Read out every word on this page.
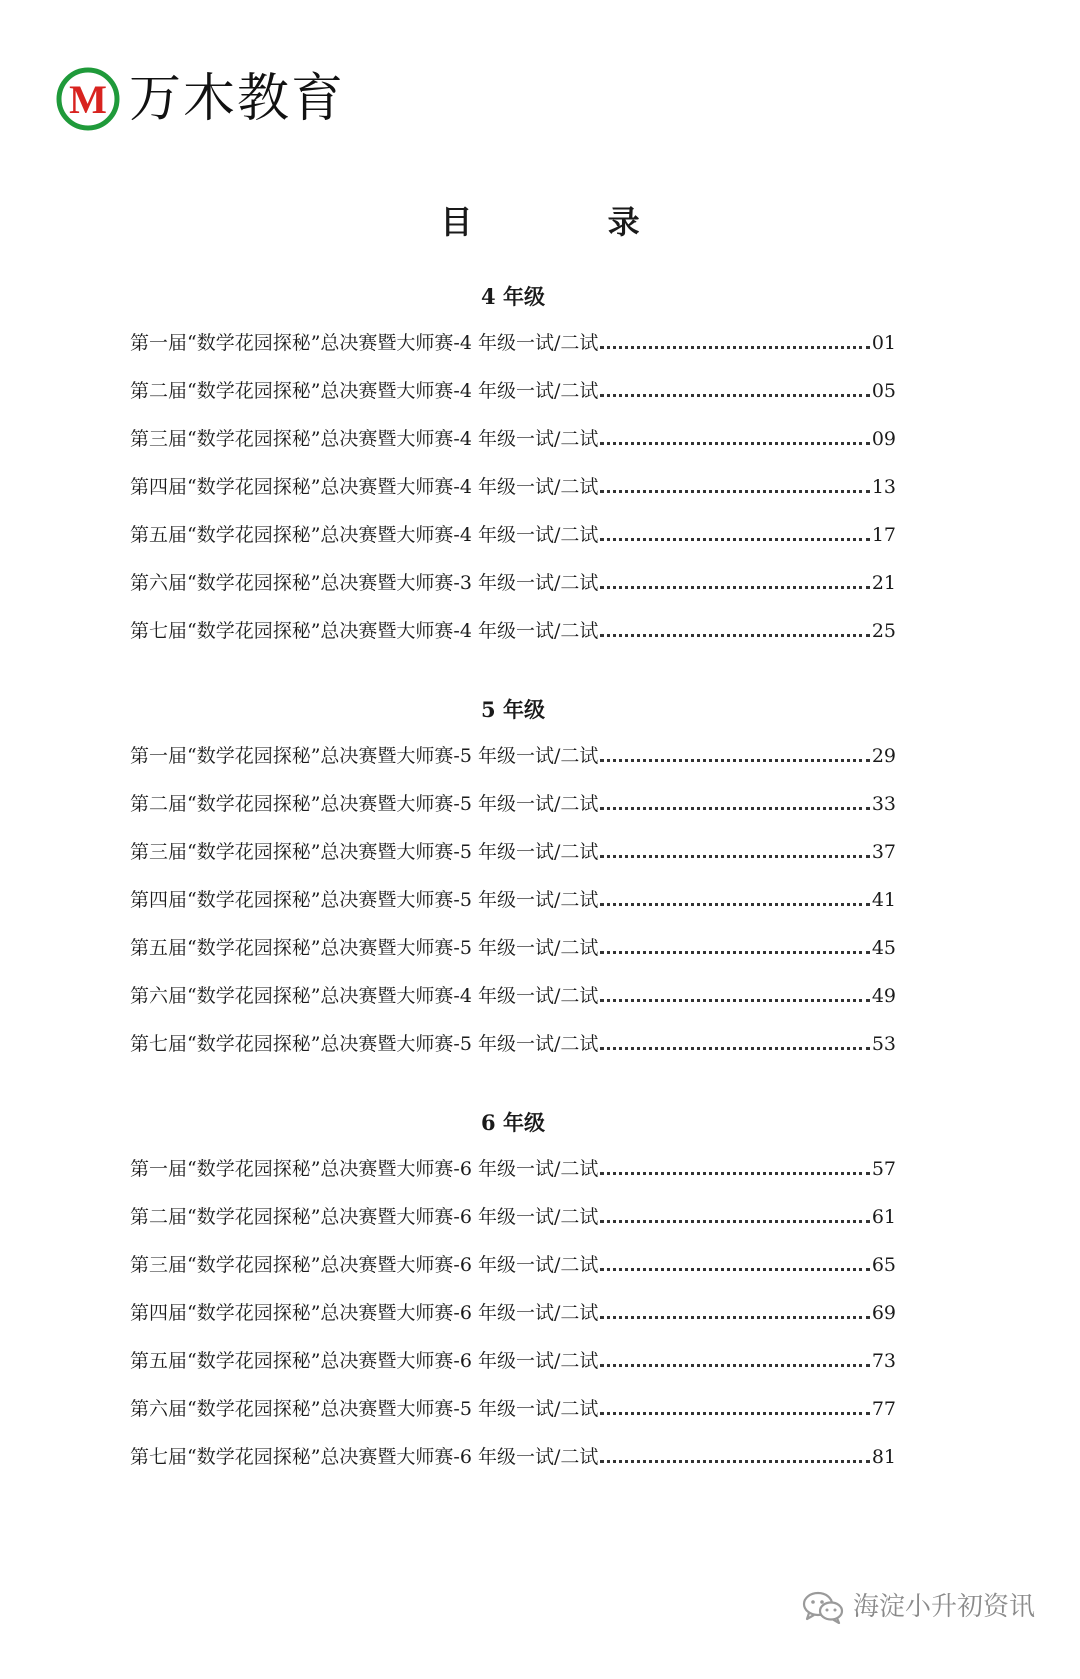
M 万木教育
目 录
4 年级
第一届“数学花园探秘”总决赛暨大师赛-4 年级一试/二试	01
第二届“数学花园探秘”总决赛暨大师赛-4 年级一试/二试	05
第三届“数学花园探秘”总决赛暨大师赛-4 年级一试/二试	09
第四届“数学花园探秘”总决赛暨大师赛-4 年级一试/二试	13
第五届“数学花园探秘”总决赛暨大师赛-4 年级一试/二试	17
第六届“数学花园探秘”总决赛暨大师赛-3 年级一试/二试	21
第七届“数学花园探秘”总决赛暨大师赛-4 年级一试/二试	25
5 年级
第一届“数学花园探秘”总决赛暨大师赛-5 年级一试/二试	29
第二届“数学花园探秘”总决赛暨大师赛-5 年级一试/二试	33
第三届“数学花园探秘”总决赛暨大师赛-5 年级一试/二试	37
第四届“数学花园探秘”总决赛暨大师赛-5 年级一试/二试	41
第五届“数学花园探秘”总决赛暨大师赛-5 年级一试/二试	45
第六届“数学花园探秘”总决赛暨大师赛-4 年级一试/二试	49
第七届“数学花园探秘”总决赛暨大师赛-5 年级一试/二试	53
6 年级
第一届“数学花园探秘”总决赛暨大师赛-6 年级一试/二试	57
第二届“数学花园探秘”总决赛暨大师赛-6 年级一试/二试	61
第三届“数学花园探秘”总决赛暨大师赛-6 年级一试/二试	65
第四届“数学花园探秘”总决赛暨大师赛-6 年级一试/二试	69
第五届“数学花园探秘”总决赛暨大师赛-6 年级一试/二试	73
第六届“数学花园探秘”总决赛暨大师赛-5 年级一试/二试	77
第七届“数学花园探秘”总决赛暨大师赛-6 年级一试/二试	81
海淀小升初资讯
